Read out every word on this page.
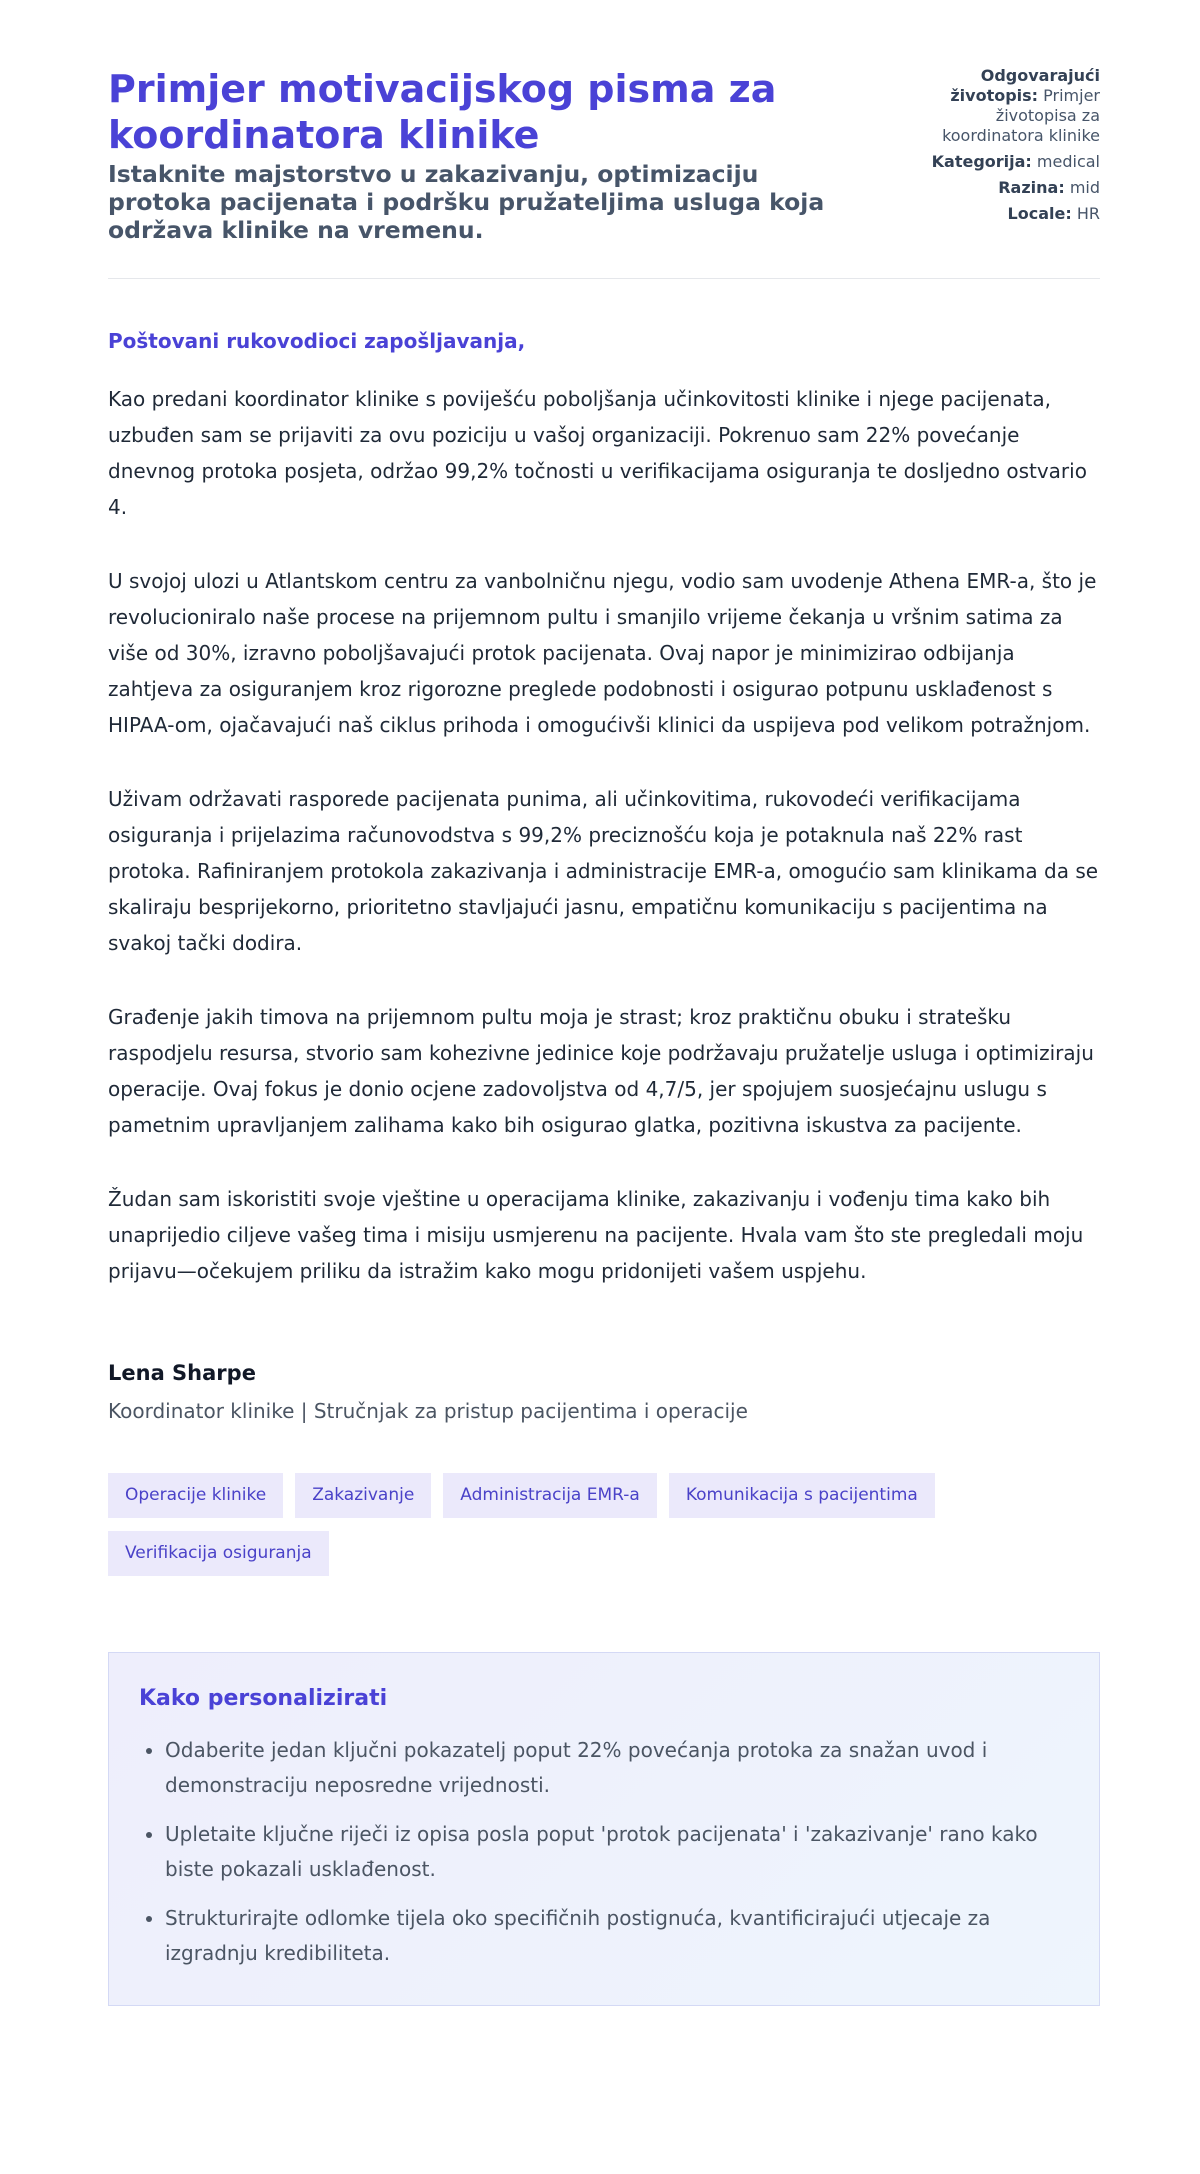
Primjer motivacijskog pisma za koordinatora klinike
Istaknite majstorstvo u zakazivanju, optimizaciju protoka pacijenata i podršku pružateljima usluga koja održava klinike na vremenu.
Odgovarajući životopis: Primjer životopisa za koordinatora klinike
Kategorija: medical
Razina: mid
Locale: HR
Poštovani rukovodioci zapošljavanja,

Kao predani koordinator klinike s poviješću poboljšanja učinkovitosti klinike i njege pacijenata, uzbuđen sam se prijaviti za ovu poziciju u vašoj organizaciji. Pokrenuo sam 22% povećanje dnevnog protoka posjeta, održao 99,2% točnosti u verifikacijama osiguranja te dosljedno ostvario 4.

U svojoj ulozi u Atlantskom centru za vanbolničnu njegu, vodio sam uvodenje Athena EMR-a, što je revolucioniralo naše procese na prijemnom pultu i smanjilo vrijeme čekanja u vršnim satima za više od 30%, izravno poboljšavajući protok pacijenata. Ovaj napor je minimizirao odbijanja zahtjeva za osiguranjem kroz rigorozne preglede podobnosti i osigurao potpunu usklađenost s HIPAA-om, ojačavajući naš ciklus prihoda i omogućivši klinici da uspijeva pod velikom potražnjom.

Uživam održavati rasporede pacijenata punima, ali učinkovitima, rukovodeći verifikacijama osiguranja i prijelazima računovodstva s 99,2% preciznošću koja je potaknula naš 22% rast protoka. Rafiniranjem protokola zakazivanja i administracije EMR-a, omogućio sam klinikama da se skaliraju besprijekorno, prioritetno stavljajući jasnu, empatičnu komunikaciju s pacijentima na svakoj tački dodira.

Građenje jakih timova na prijemnom pultu moja je strast; kroz praktičnu obuku i stratešku raspodjelu resursa, stvorio sam kohezivne jedinice koje podržavaju pružatelje usluga i optimiziraju operacije. Ovaj fokus je donio ocjene zadovoljstva od 4,7/5, jer spojujem suosjećajnu uslugu s pametnim upravljanjem zalihama kako bih osigurao glatka, pozitivna iskustva za pacijente.

Žudan sam iskoristiti svoje vještine u operacijama klinike, zakazivanju i vođenju tima kako bih unaprijedio ciljeve vašeg tima i misiju usmjerenu na pacijente. Hvala vam što ste pregledali moju prijavu—očekujem priliku da istražim kako mogu pridonijeti vašem uspjehu.

Lena Sharpe
Koordinator klinike | Stručnjak za pristup pacijentima i operacije
Operacije klinike	Zakazivanje	Administracija EMR-a	Komunikacija s pacijentima
Verifikacija osiguranja
Kako personalizirati
• Odaberite jedan ključni pokazatelj poput 22% povećanja protoka za snažan uvod i demonstraciju neposredne vrijednosti.
• Upletaite ključne riječi iz opisa posla poput 'protok pacijenata' i 'zakazivanje' rano kako biste pokazali usklađenost.
• Strukturirajte odlomke tijela oko specifičnih postignuća, kvantificirajući utjecaje za izgradnju kredibiliteta.
